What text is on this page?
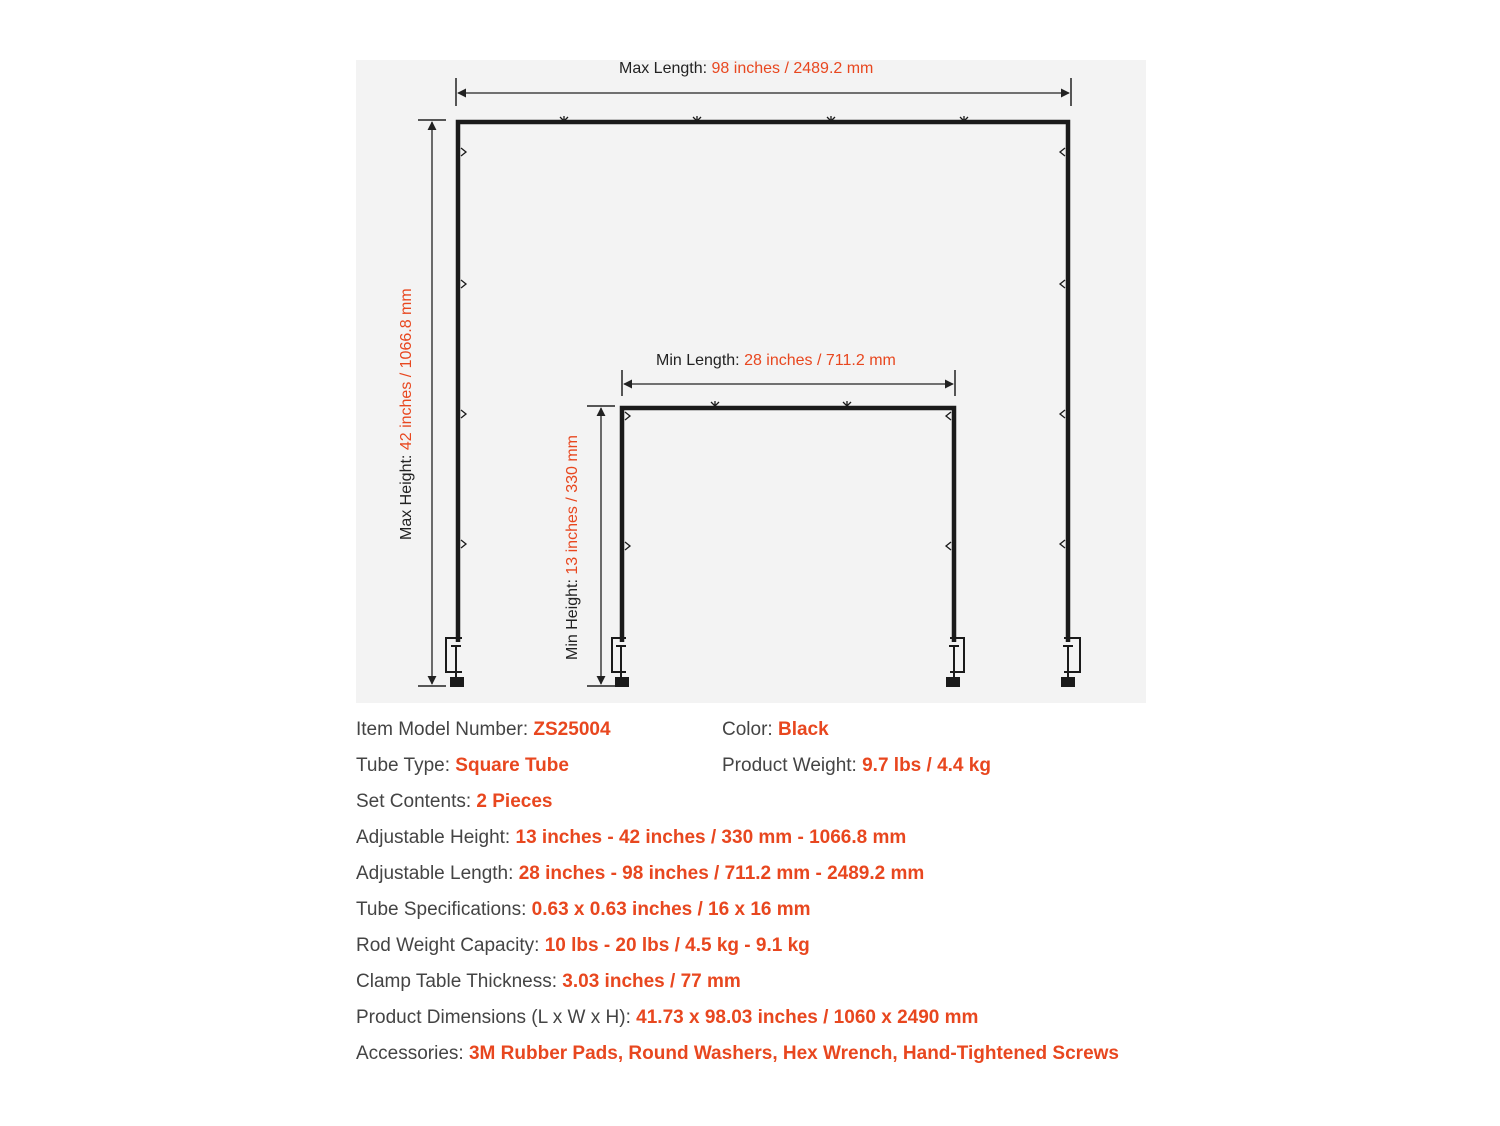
Max Length: 98 inches / 2489.2 mm
Max Height: 42 inches / 1066.8 mm	Min Length: 28 inches / 711.2 mm
Min Height: 13 inches / 330 mm
Item Model Number: ZS25004	Color: Black
Tube Type: Square Tube	Product Weight: 9.7 lbs / 4.4 kg
Set Contents: 2 Pieces
Adjustable Height: 13 inches - 42 inches / 330 mm - 1066.8 mm
Adjustable Length: 28 inches - 98 inches / 711.2 mm - 2489.2 mm
Tube Specifications: 0.63 x 0.63 inches / 16 x 16 mm
Rod Weight Capacity: 10 lbs - 20 lbs / 4.5 kg - 9.1 kg
Clamp Table Thickness: 3.03 inches / 77 mm
Product Dimensions (L x W x H): 41.73 x 98.03 inches / 1060 x 2490 mm
Accessories: 3M Rubber Pads, Round Washers, Hex Wrench, Hand-Tightened Screws
